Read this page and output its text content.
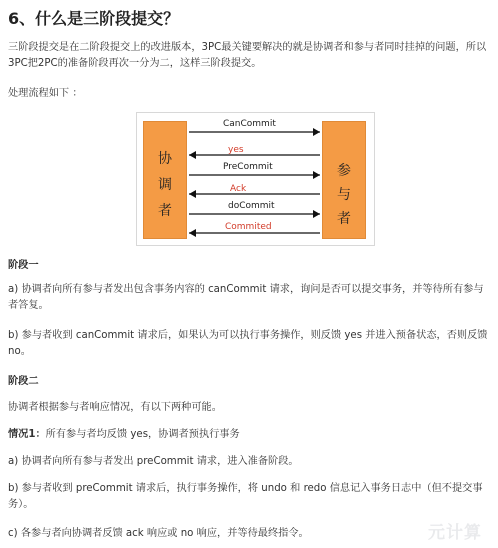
6、什么是三阶段提交？
三阶段提交是在二阶段提交上的改进版本，3PC最关键要解决的就是协调者和参与者同时挂掉的问题，所以3PC把2PC的准备阶段再次一分为二，这样三阶段提交。
处理流程如下 ：
协
调
者
参
与
者
CanCommit
yes
PreCommit
Ack
doCommit
Commited
阶段一
a) 协调者向所有参与者发出包含事务内容的 canCommit 请求，询问是否可以提交事务，并等待所有参与者答复。
b) 参与者收到 canCommit 请求后，如果认为可以执行事务操作，则反馈 yes 并进入预备状态，否则反馈 no。
阶段二
协调者根据参与者响应情况，有以下两种可能。
情况1：所有参与者均反馈 yes，协调者预执行事务
a) 协调者向所有参与者发出 preCommit 请求，进入准备阶段。
b) 参与者收到 preCommit 请求后，执行事务操作，将 undo 和 redo 信息记入事务日志中（但不提交事务）。
c) 各参与者向协调者反馈 ack 响应或 no 响应，并等待最终指令。	元计算
